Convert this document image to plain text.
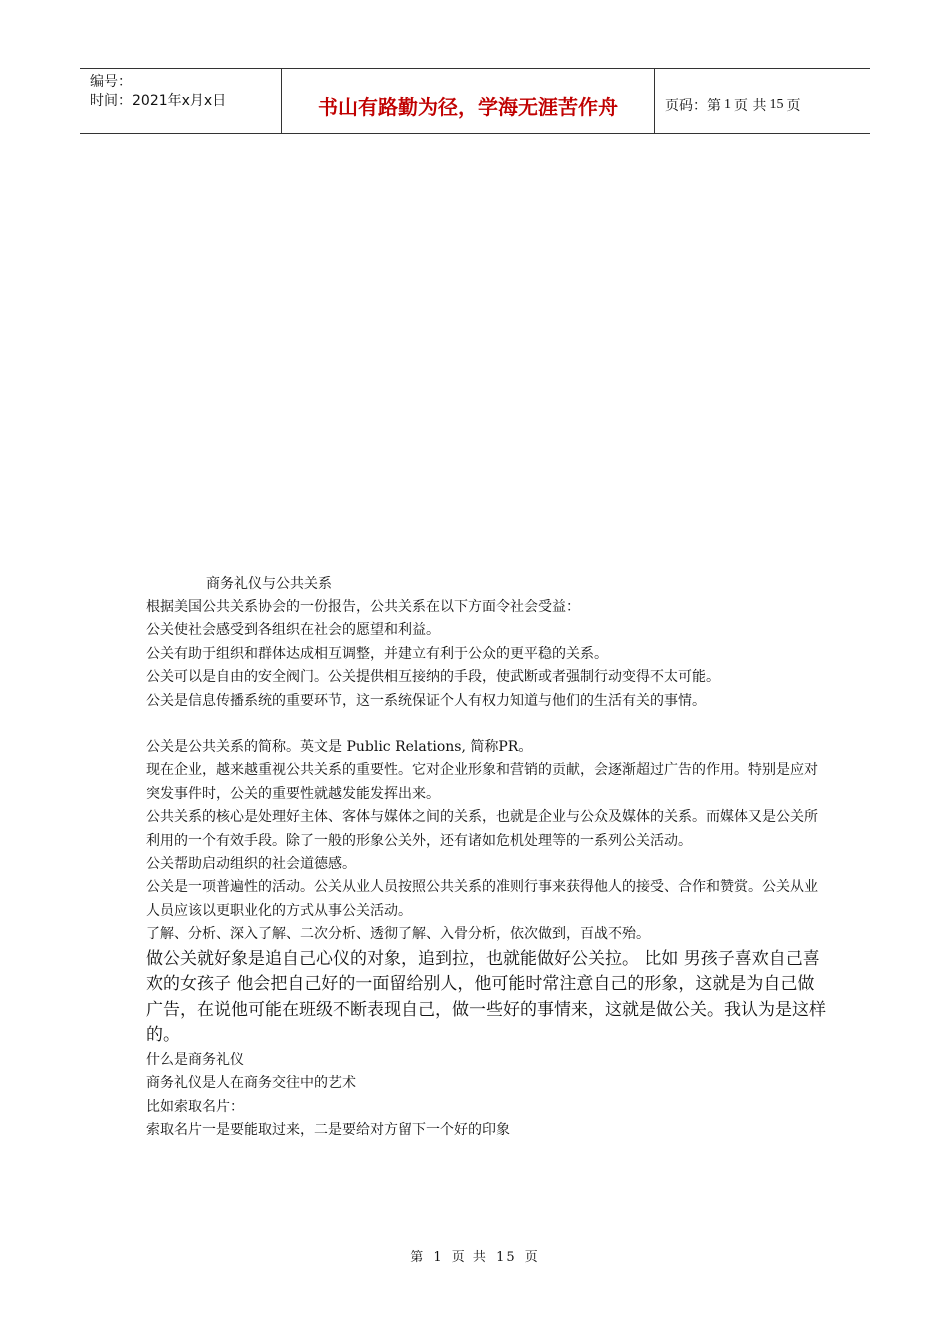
编号：
时间：2021年x月x日	书山有路勤为径，学海无涯苦作舟	页码：第 1 页 共 15 页

商务礼仪与公共关系

根据美国公共关系协会的一份报告，公共关系在以下方面令社会受益：

公关使社会感受到各组织在社会的愿望和利益。

公关有助于组织和群体达成相互调整，并建立有利于公众的更平稳的关系。

公关可以是自由的安全阀门。公关提供相互接纳的手段，使武断或者强制行动变得不太可能。

公关是信息传播系统的重要环节，这一系统保证个人有权力知道与他们的生活有关的事情。

公关是公共关系的简称。英文是 Public Relations, 简称PR。

现在企业，越来越重视公共关系的重要性。它对企业形象和营销的贡献，会逐渐超过广告的作用。特别是应对突发事件时，公关的重要性就越发能发挥出来。

公共关系的核心是处理好主体、客体与媒体之间的关系，也就是企业与公众及媒体的关系。而媒体又是公关所利用的一个有效手段。除了一般的形象公关外，还有诸如危机处理等的一系列公关活动。

公关帮助启动组织的社会道德感。

公关是一项普遍性的活动。公关从业人员按照公共关系的准则行事来获得他人的接受、合作和赞赏。公关从业人员应该以更职业化的方式从事公关活动。

了解、分析、深入了解、二次分析、透彻了解、入骨分析，依次做到，百战不殆。

做公关就好象是追自己心仪的对象，追到拉，也就能做好公关拉。 比如 男孩子喜欢自己喜欢的女孩子 他会把自己好的一面留给别人，他可能时常注意自己的形象，这就是为自己做广告，在说他可能在班级不断表现自己，做一些好的事情来，这就是做公关。我认为是这样的。

什么是商务礼仪

商务礼仪是人在商务交往中的艺术

比如索取名片：

索取名片一是要能取过来，二是要给对方留下一个好的印象

第 1 页 共 15 页
